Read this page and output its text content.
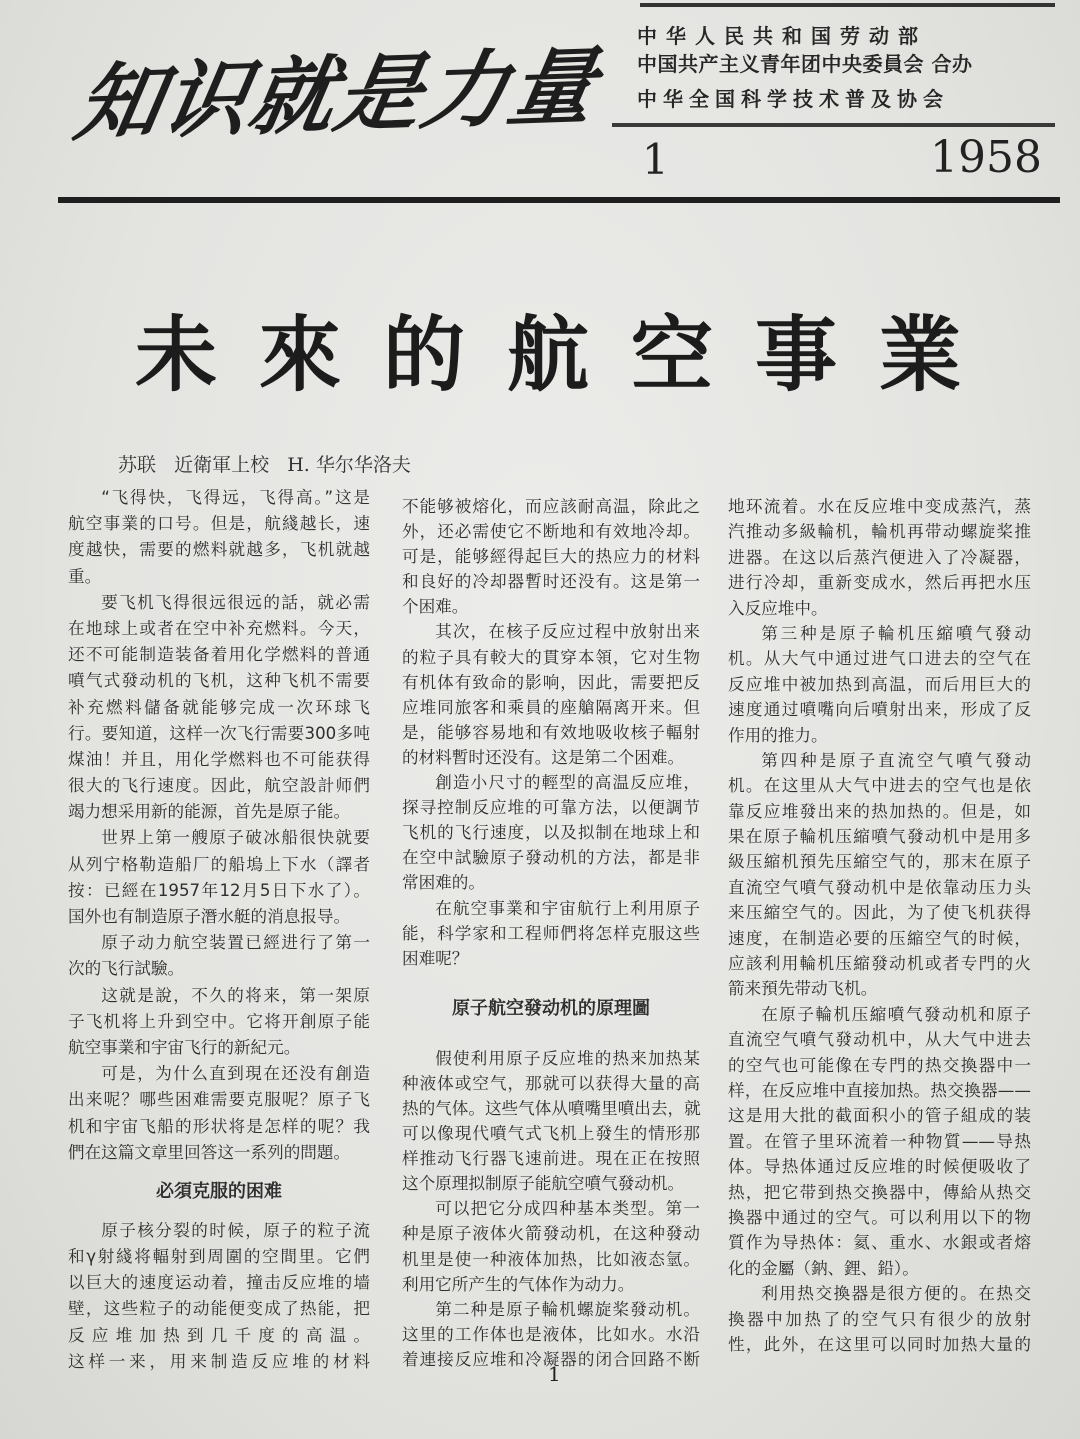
知识就是力量
中华人民共和国劳动部
中国共产主义青年团中央委員会 合办
中华全国科学技术普及协会
1	1958
未來的航空事業
苏联   近衛軍上校   H. 华尔华洛夫
“飞得快，飞得远，飞得高。”这是
航空事業的口号。但是，航綫越长，速
度越快，需要的燃料就越多，飞机就越
重。
要飞机飞得很远很远的話，就必需
在地球上或者在空中补充燃料。今天，
还不可能制造装备着用化学燃料的普通
噴气式發动机的飞机，这种飞机不需要
补充燃料儲备就能够完成一次环球飞
行。要知道，这样一次飞行需要300多吨
煤油！并且，用化学燃料也不可能获得
很大的飞行速度。因此，航空設計师們
竭力想采用新的能源，首先是原子能。
世界上第一艘原子破冰船很快就要
从列宁格勒造船厂的船塢上下水（譯者
按：已經在1957年12月5日下水了）。
国外也有制造原子潛水艇的消息报导。
原子动力航空装置已經进行了第一
次的飞行試驗。
这就是說，不久的将来，第一架原
子飞机将上升到空中。它将开創原子能
航空事業和宇宙飞行的新紀元。
可是，为什么直到現在还没有創造
出来呢？哪些困难需要克服呢？原子飞
机和宇宙飞船的形状将是怎样的呢？我
們在这篇文章里回答这一系列的問題。
必須克服的困难
原子核分裂的时候，原子的粒子流
和γ射綫将輻射到周圍的空間里。它們
以巨大的速度运动着，撞击反应堆的墙
壁，这些粒子的动能便变成了热能，把
反应堆加热到几千度的高温。
这样一来，用来制造反应堆的材料
不能够被熔化，而应該耐高温，除此之
外，还必需使它不断地和有效地冷却。
可是，能够經得起巨大的热应力的材料
和良好的冷却器暫时还没有。这是第一
个困难。
其次，在核子反应过程中放射出来
的粒子具有較大的貫穿本領，它对生物
有机体有致命的影响，因此，需要把反
应堆同旅客和乘員的座艙隔离开来。但
是，能够容易地和有效地吸收核子輻射
的材料暫时还没有。这是第二个困难。
創造小尺寸的輕型的高温反应堆，
探寻控制反应堆的可靠方法，以便調节
飞机的飞行速度，以及拟制在地球上和
在空中試驗原子發动机的方法，都是非
常困难的。
在航空事業和宇宙航行上利用原子
能，科学家和工程师們将怎样克服这些
困难呢？
原子航空發动机的原理圖
假使利用原子反应堆的热来加热某
种液体或空气，那就可以获得大量的高
热的气体。这些气体从噴嘴里噴出去，就
可以像現代噴气式飞机上發生的情形那
样推动飞行器飞速前进。現在正在按照
这个原理拟制原子能航空噴气發动机。
可以把它分成四种基本类型。第一
种是原子液体火箭發动机，在这种發动
机里是使一种液体加热，比如液态氫。
利用它所产生的气体作为动力。
第二种是原子輪机螺旋桨發动机。
这里的工作体也是液体，比如水。水沿
着連接反应堆和冷凝器的闭合回路不断
地环流着。水在反应堆中变成蒸汽，蒸
汽推动多級輪机，輪机再带动螺旋桨推
进器。在这以后蒸汽便进入了冷凝器，
进行冷却，重新变成水，然后再把水压
入反应堆中。
第三种是原子輪机压縮噴气發动
机。从大气中通过进气口进去的空气在
反应堆中被加热到高温，而后用巨大的
速度通过噴嘴向后噴射出来，形成了反
作用的推力。
第四种是原子直流空气噴气發动
机。在这里从大气中进去的空气也是依
靠反应堆發出来的热加热的。但是，如
果在原子輪机压縮噴气發动机中是用多
級压縮机預先压縮空气的，那末在原子
直流空气噴气發动机中是依靠动压力头
来压縮空气的。因此，为了使飞机获得
速度，在制造必要的压縮空气的时候，
应該利用輪机压縮發动机或者专門的火
箭来預先带动飞机。
在原子輪机压縮噴气發动机和原子
直流空气噴气發动机中，从大气中进去
的空气也可能像在专門的热交換器中一
样，在反应堆中直接加热。热交換器——
这是用大批的截面积小的管子組成的装
置。在管子里环流着一种物質——导热
体。导热体通过反应堆的时候便吸收了
热，把它带到热交換器中，傳給从热交
換器中通过的空气。可以利用以下的物
質作为导热体：氦、重水、水銀或者熔
化的金屬（鈉、鋰、鉛）。
利用热交換器是很方便的。在热交
換器中加热了的空气只有很少的放射
性，此外，在这里可以同时加热大量的
1
